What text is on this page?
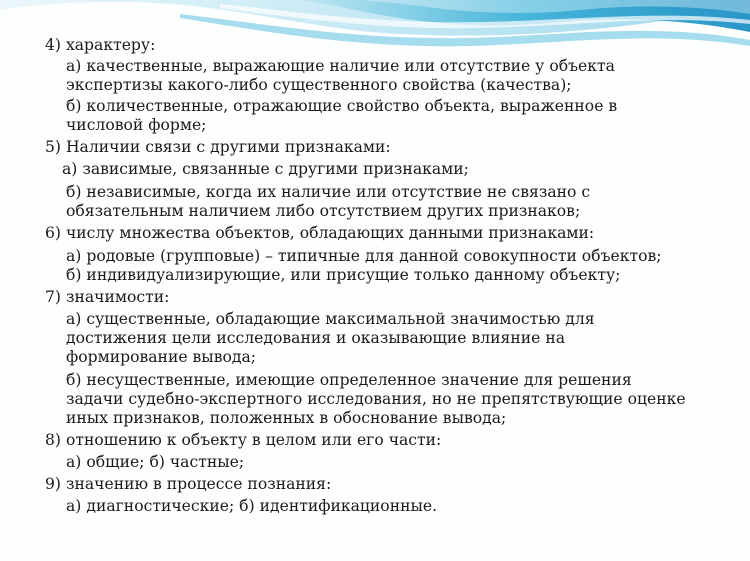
4) характеру:

а) качественные, выражающие наличие или отсутствие у объекта

экспертизы какого-либо существенного свойства (качества);

б) количественные, отражающие свойство объекта, выраженное в

числовой форме;

5) Наличии связи с другими признаками:

а) зависимые, связанные с другими признаками;

б) независимые, когда их наличие или отсутствие не связано с

обязательным наличием либо отсутствием других признаков;

6) числу множества объектов, обладающих данными признаками:

а) родовые (групповые) – типичные для данной совокупности объектов;

б) индивидуализирующие, или присущие только данному объекту;

7) значимости:

а) существенные, обладающие максимальной значимостью для

достижения цели исследования и оказывающие влияние на

формирование вывода;

б) несущественные, имеющие определенное значение для решения

задачи судебно-экспертного исследования, но не препятствующие оценке

иных признаков, положенных в обоснование вывода;

8) отношению к объекту в целом или его части:

а) общие; б) частные;

9) значению в процессе познания:

а) диагностические; б) идентификационные.
